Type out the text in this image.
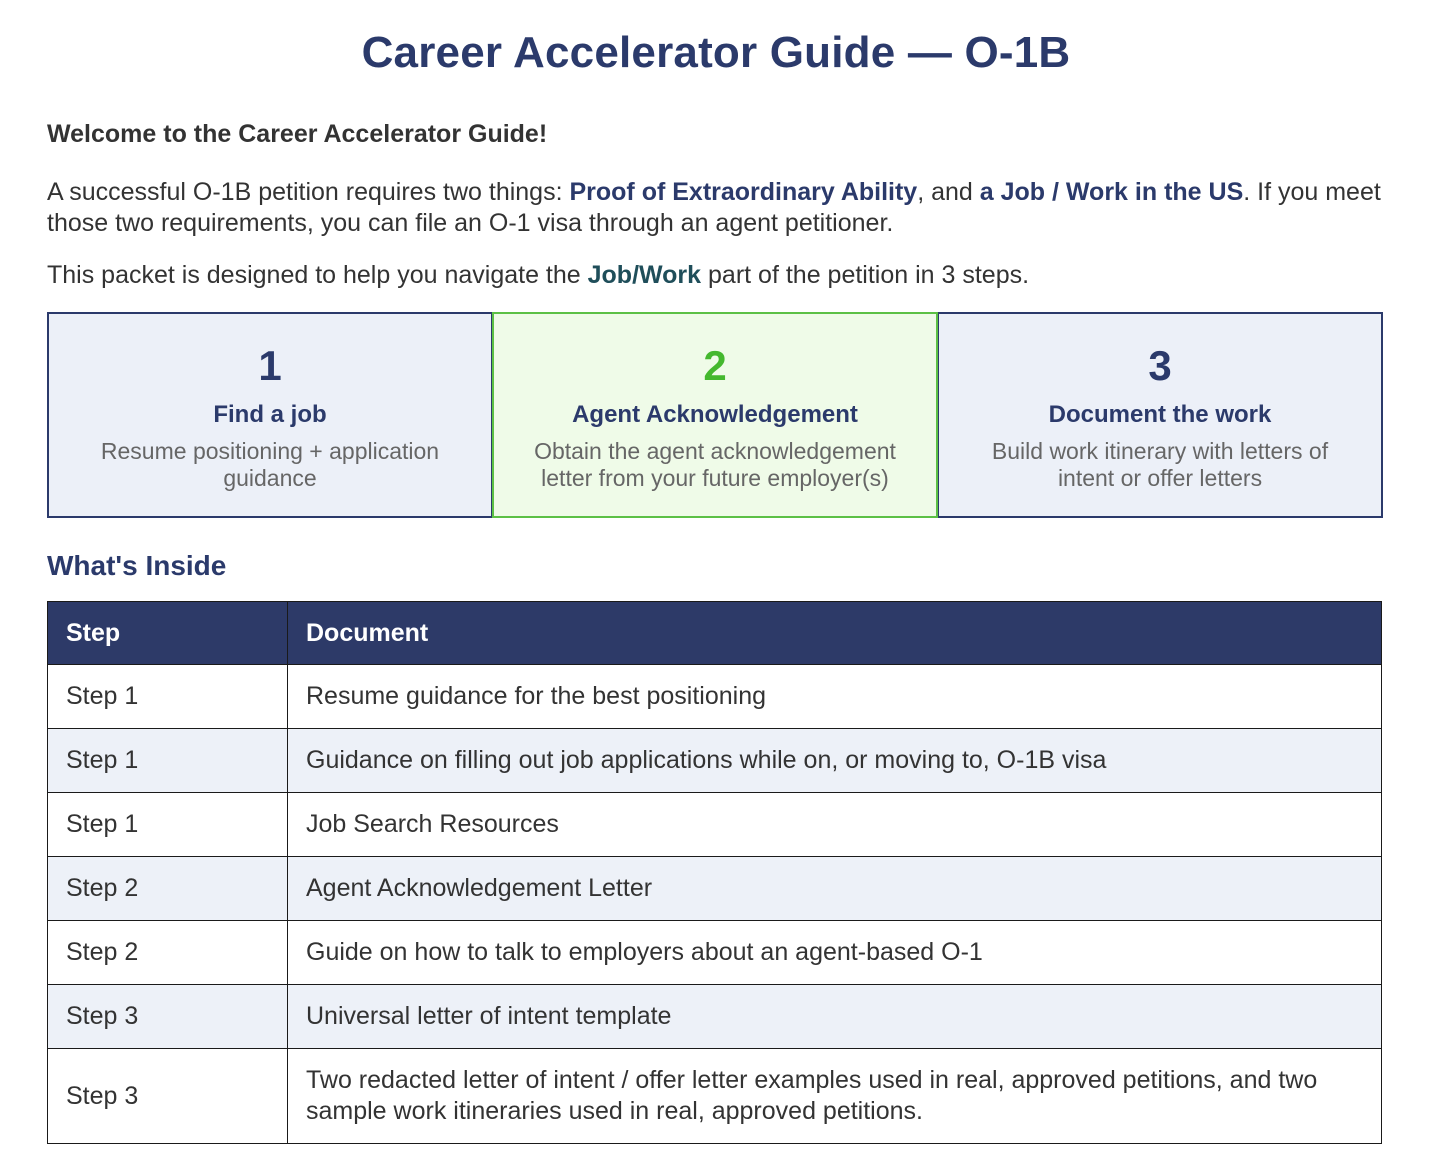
Career Accelerator Guide — O-1B

Welcome to the Career Accelerator Guide!

A successful O-1B petition requires two things: Proof of Extraordinary Ability, and a Job / Work in the US. If you meet those two requirements, you can file an O-1 visa through an agent petitioner.

This packet is designed to help you navigate the Job/Work part of the petition in 3 steps.

1
Find a job
Resume positioning + application guidance
2
Agent Acknowledgement
Obtain the agent acknowledgement letter from your future employer(s)
3
Document the work
Build work itinerary with letters of intent or offer letters
What's Inside
Step	Document
Step 1	Resume guidance for the best positioning
Step 1	Guidance on filling out job applications while on, or moving to, O-1B visa
Step 1	Job Search Resources
Step 2	Agent Acknowledgement Letter
Step 2	Guide on how to talk to employers about an agent-based O-1
Step 3	Universal letter of intent template
Step 3	Two redacted letter of intent / offer letter examples used in real, approved petitions, and two sample work itineraries used in real, approved petitions.
